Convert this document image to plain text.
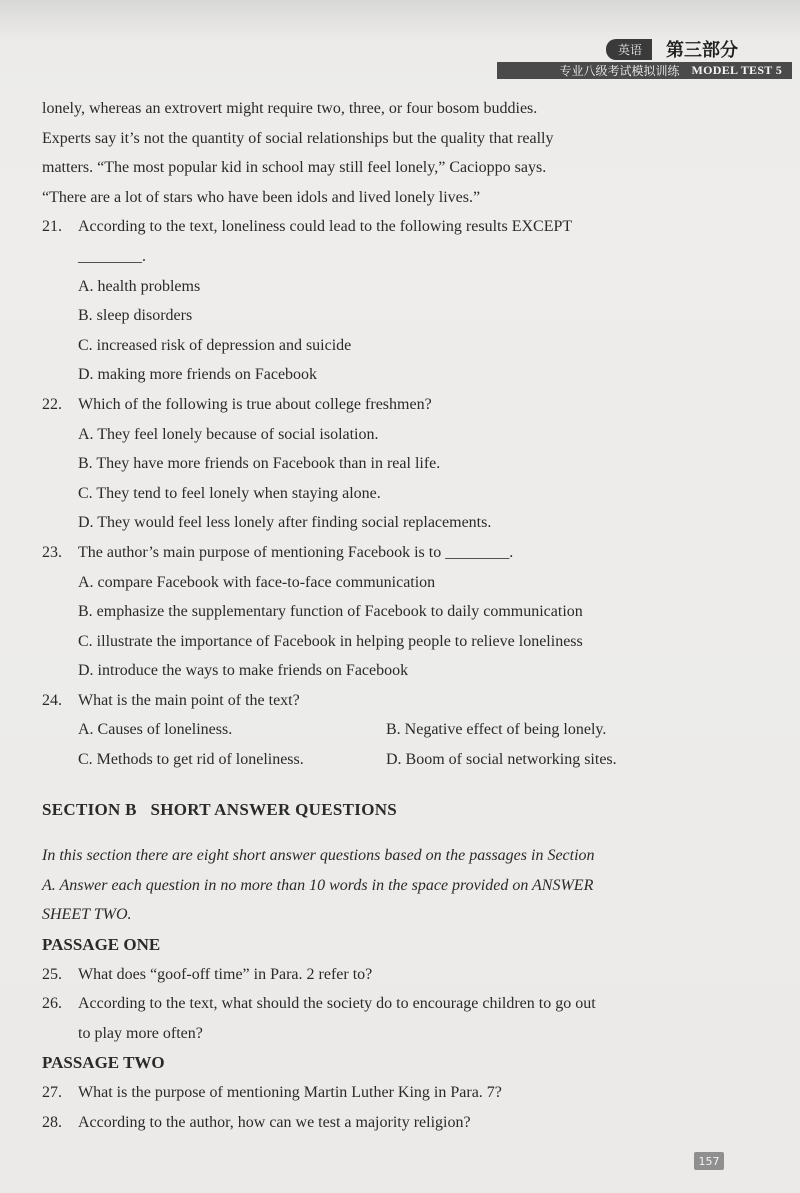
英语	第三部分
专业八级考试模拟训练 MODEL TEST 5

lonely, whereas an extrovert might require two, three, or four bosom buddies.

Experts say it’s not the quantity of social relationships but the quality that really

matters. “The most popular kid in school may still feel lonely,” Cacioppo says.

“There are a lot of stars who have been idols and lived lonely lives.”

21. According to the text, loneliness could lead to the following results EXCEPT

________.

A. health problems

B. sleep disorders

C. increased risk of depression and suicide

D. making more friends on Facebook

22. Which of the following is true about college freshmen?

A. They feel lonely because of social isolation.

B. They have more friends on Facebook than in real life.

C. They tend to feel lonely when staying alone.

D. They would feel less lonely after finding social replacements.

23. The author’s main purpose of mentioning Facebook is to ________.

A. compare Facebook with face-to-face communication

B. emphasize the supplementary function of Facebook to daily communication

C. illustrate the importance of Facebook in helping people to relieve loneliness

D. introduce the ways to make friends on Facebook

24. What is the main point of the text?

A. Causes of loneliness.	B. Negative effect of being lonely.
C. Methods to get rid of loneliness.	D. Boom of social networking sites.

SECTION B   SHORT ANSWER QUESTIONS

In this section there are eight short answer questions based on the passages in Section

A. Answer each question in no more than 10 words in the space provided on ANSWER

SHEET TWO.

PASSAGE ONE

25. What does “goof-off time” in Para. 2 refer to?

26. According to the text, what should the society do to encourage children to go out

to play more often?

PASSAGE TWO

27. What is the purpose of mentioning Martin Luther King in Para. 7?

28. According to the author, how can we test a majority religion?

157
